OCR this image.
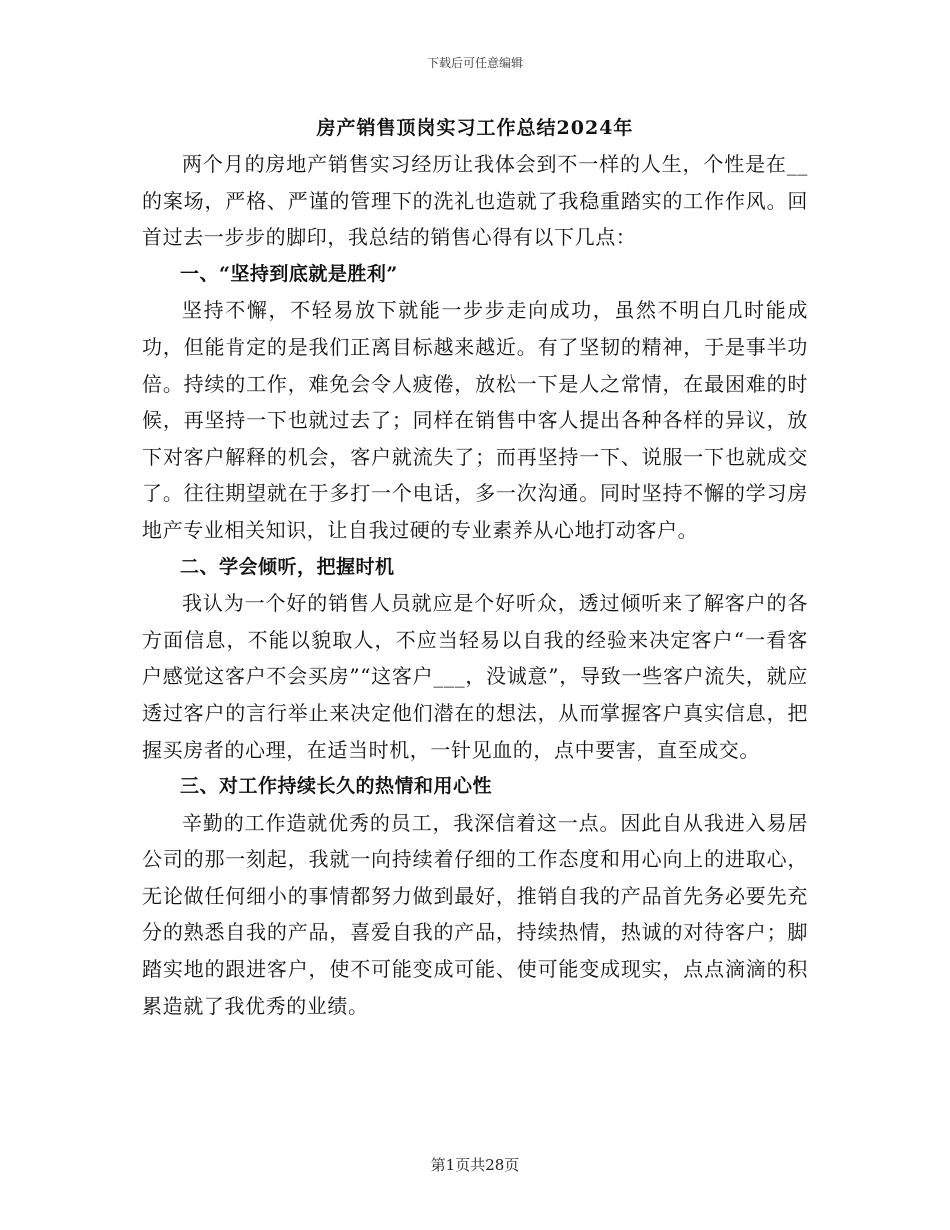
下载后可任意编辑
房产销售顶岗实习工作总结2024年

两个月的房地产销售实习经历让我体会到不一样的人生，个性是在__的案场，严格、严谨的管理下的洗礼也造就了我稳重踏实的工作作风。回首过去一步步的脚印，我总结的销售心得有以下几点：

一、“坚持到底就是胜利”

坚持不懈，不轻易放下就能一步步走向成功，虽然不明白几时能成功，但能肯定的是我们正离目标越来越近。有了坚韧的精神，于是事半功倍。持续的工作，难免会令人疲倦，放松一下是人之常情，在最困难的时候，再坚持一下也就过去了；同样在销售中客人提出各种各样的异议，放下对客户解释的机会，客户就流失了；而再坚持一下、说服一下也就成交了。往往期望就在于多打一个电话，多一次沟通。同时坚持不懈的学习房地产专业相关知识，让自我过硬的专业素养从心地打动客户。

二、学会倾听，把握时机

我认为一个好的销售人员就应是个好听众，透过倾听来了解客户的各方面信息，不能以貌取人，不应当轻易以自我的经验来决定客户“一看客户感觉这客户不会买房”“这客户___，没诚意”，导致一些客户流失，就应透过客户的言行举止来决定他们潜在的想法，从而掌握客户真实信息，把握买房者的心理，在适当时机，一针见血的，点中要害，直至成交。

三、对工作持续长久的热情和用心性

辛勤的工作造就优秀的员工，我深信着这一点。因此自从我进入易居公司的那一刻起，我就一向持续着仔细的工作态度和用心向上的进取心，无论做任何细小的事情都努力做到最好，推销自我的产品首先务必要先充分的熟悉自我的产品，喜爱自我的产品，持续热情，热诚的对待客户；脚踏实地的跟进客户，使不可能变成可能、使可能变成现实，点点滴滴的积累造就了我优秀的业绩。

第1页共28页
